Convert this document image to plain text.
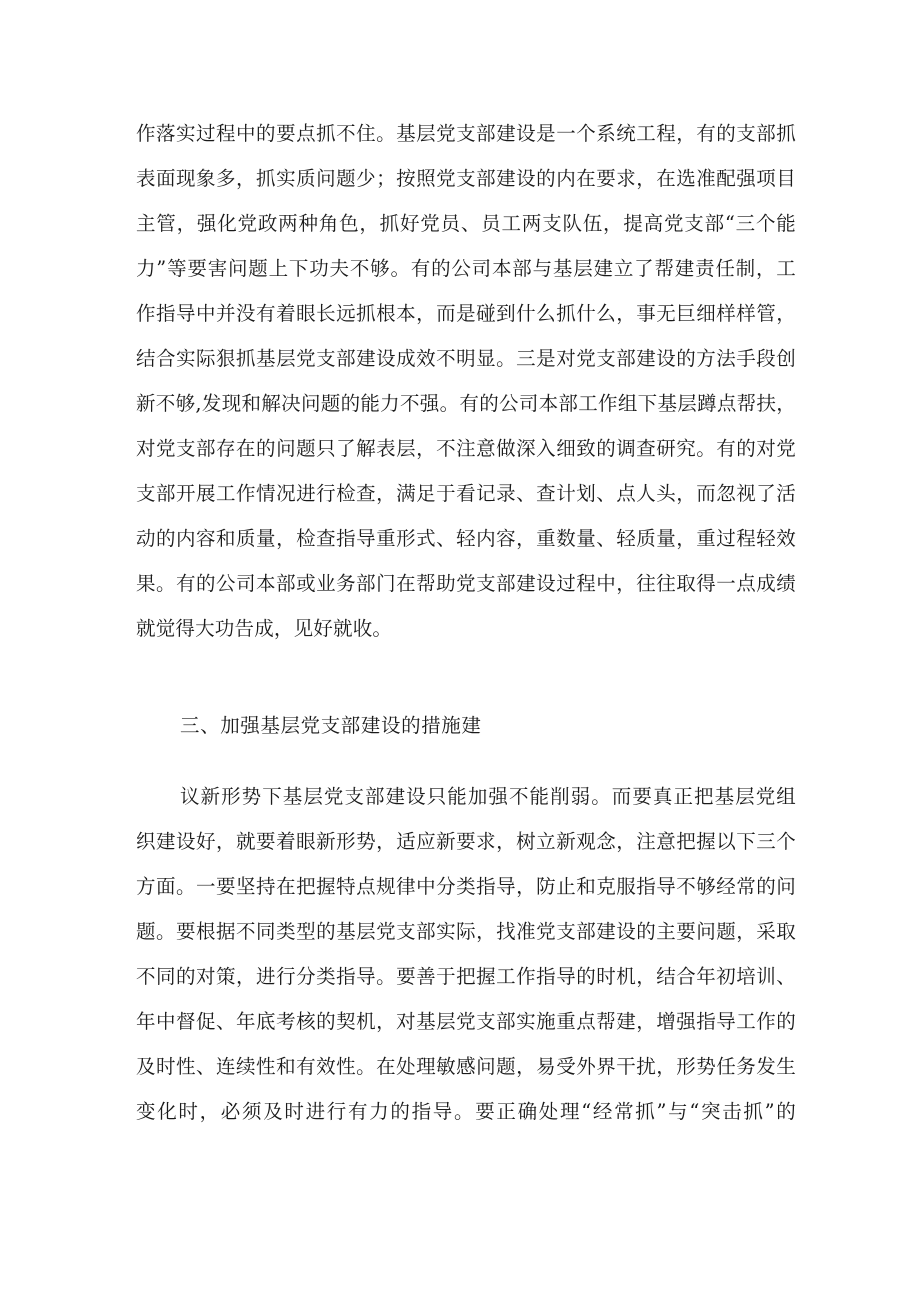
作落实过程中的要点抓不住。基层党支部建设是一个系统工程，有的支部抓
表面现象多，抓实质问题少；按照党支部建设的内在要求，在选准配强项目
主管，强化党政两种角色，抓好党员、员工两支队伍，提高党支部“三个能
力”等要害问题上下功夫不够。有的公司本部与基层建立了帮建责任制，工
作指导中并没有着眼长远抓根本，而是碰到什么抓什么，事无巨细样样管，
结合实际狠抓基层党支部建设成效不明显。三是对党支部建设的方法手段创
新不够,发现和解决问题的能力不强。有的公司本部工作组下基层蹲点帮扶，
对党支部存在的问题只了解表层，不注意做深入细致的调查研究。有的对党
支部开展工作情况进行检查，满足于看记录、查计划、点人头，而忽视了活
动的内容和质量，检查指导重形式、轻内容，重数量、轻质量，重过程轻效
果。有的公司本部或业务部门在帮助党支部建设过程中，往往取得一点成绩
就觉得大功告成，见好就收。
三、加强基层党支部建设的措施建
议新形势下基层党支部建设只能加强不能削弱。而要真正把基层党组
织建设好，就要着眼新形势，适应新要求，树立新观念，注意把握以下三个
方面。一要坚持在把握特点规律中分类指导，防止和克服指导不够经常的问
题。要根据不同类型的基层党支部实际，找准党支部建设的主要问题，采取
不同的对策，进行分类指导。要善于把握工作指导的时机，结合年初培训、
年中督促、年底考核的契机，对基层党支部实施重点帮建，增强指导工作的
及时性、连续性和有效性。在处理敏感问题，易受外界干扰，形势任务发生
变化时，必须及时进行有力的指导。要正确处理“经常抓”与“突击抓”的
